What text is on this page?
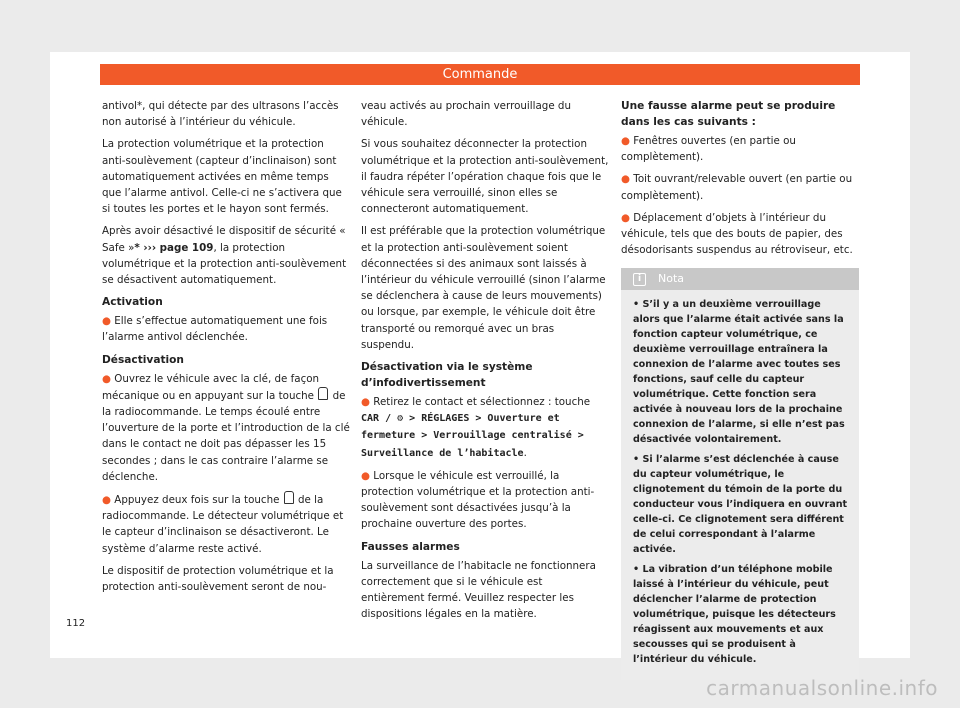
Commande

antivol*, qui détecte par des ultrasons l’accès non autorisé à l’intérieur du véhicule.

La protection volumétrique et la protection anti-soulèvement (capteur d’inclinaison) sont automatiquement activées en même temps que l’alarme antivol. Celle-ci ne s’activera que si toutes les portes et le hayon sont fermés.

Après avoir désactivé le dispositif de sécurité « Safe »* ››› page 109, la protection volumétrique et la protection anti-soulèvement se désactivent automatiquement.

Activation

● Elle s’effectue automatiquement une fois l’alarme antivol déclenchée.

Désactivation

● Ouvrez le véhicule avec la clé, de façon mécanique ou en appuyant sur la touche de la radiocommande. Le temps écoulé entre l’ouverture de la porte et l’introduction de la clé dans le contact ne doit pas dépasser les 15 secondes ; dans le cas contraire l’alarme se déclenche.

● Appuyez deux fois sur la touche de la radiocommande. Le détecteur volumétrique et le capteur d’inclinaison se désactiveront. Le système d’alarme reste activé.

Le dispositif de protection volumétrique et la protection anti-soulèvement seront de nou-

veau activés au prochain verrouillage du véhicule.

Si vous souhaitez déconnecter la protection volumétrique et la protection anti-soulèvement, il faudra répéter l’opération chaque fois que le véhicule sera verrouillé, sinon elles se connecteront automatiquement.

Il est préférable que la protection volumétrique et la protection anti-soulèvement soient déconnectées si des animaux sont laissés à l’intérieur du véhicule verrouillé (sinon l’alarme se déclenchera à cause de leurs mouvements) ou lorsque, par exemple, le véhicule doit être transporté ou remorqué avec un bras suspendu.

Désactivation via le système d’infodivertissement

● Retirez le contact et sélectionnez : touche CAR / ⚙ > RÉGLAGES > Ouverture et fermeture > Verrouillage centralisé > Surveillance de l’habitacle.

● Lorsque le véhicule est verrouillé, la protection volumétrique et la protection anti-soulèvement sont désactivées jusqu’à la prochaine ouverture des portes.

Fausses alarmes

La surveillance de l’habitacle ne fonctionnera correctement que si le véhicule est entièrement fermé. Veuillez respecter les dispositions légales en la matière.

Une fausse alarme peut se produire dans les cas suivants :

● Fenêtres ouvertes (en partie ou complètement).

● Toit ouvrant/relevable ouvert (en partie ou complètement).

● Déplacement d’objets à l’intérieur du véhicule, tels que des bouts de papier, des désodorisants suspendus au rétroviseur, etc.

i	Nota

• S’il y a un deuxième verrouillage alors que l’alarme était activée sans la fonction capteur volumétrique, ce deuxième verrouillage entraînera la connexion de l’alarme avec toutes ses fonctions, sauf celle du capteur volumétrique. Cette fonction sera activée à nouveau lors de la prochaine connexion de l’alarme, si elle n’est pas désactivée volontairement.

• Si l’alarme s’est déclenchée à cause du capteur volumétrique, le clignotement du témoin de la porte du conducteur vous l’indiquera en ouvrant celle-ci. Ce clignotement sera différent de celui correspondant à l’alarme activée.

• La vibration d’un téléphone mobile laissé à l’intérieur du véhicule, peut déclencher l’alarme de protection volumétrique, puisque les détecteurs réagissent aux mouvements et aux secousses qui se produisent à l’intérieur du véhicule.

112
carmanualsonline.info
